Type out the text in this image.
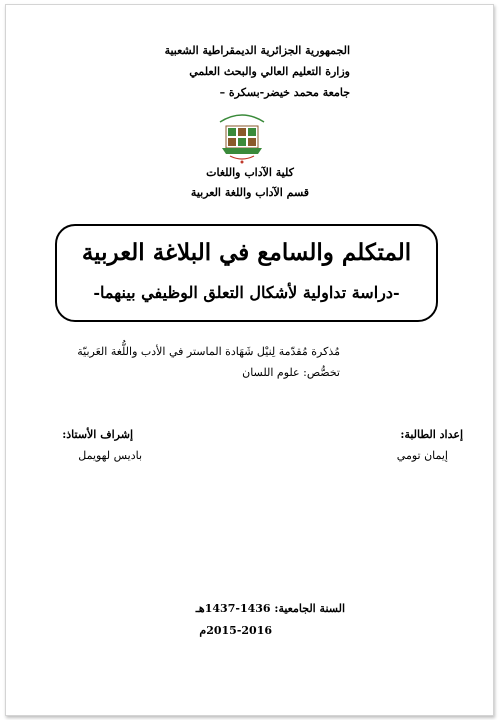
الجمهورية الجزائرية الديمقراطية الشعبية
وزارة التعليم العالي والبحث العلمي
جامعة محمد خيضر-بسكرة –
كلية الآداب واللغات
قسم الآداب واللغة العربية
المتكلم والسامع في البلاغة العربية
-دراسة تداولية لأشكال التعلق الوظيفي بينهما-
مُذكرة مُقدّمة لِنيْل شَهَادة الماستر في الأدب واللُّغة العَربيّة
تخصُّص: علوم اللسان
إعداد الطالبة:
إيمان تومي
إشراف الأستاذ:
باديس لهويمل
السنة الجامعية: 1436-1437هـ
2015-2016م
